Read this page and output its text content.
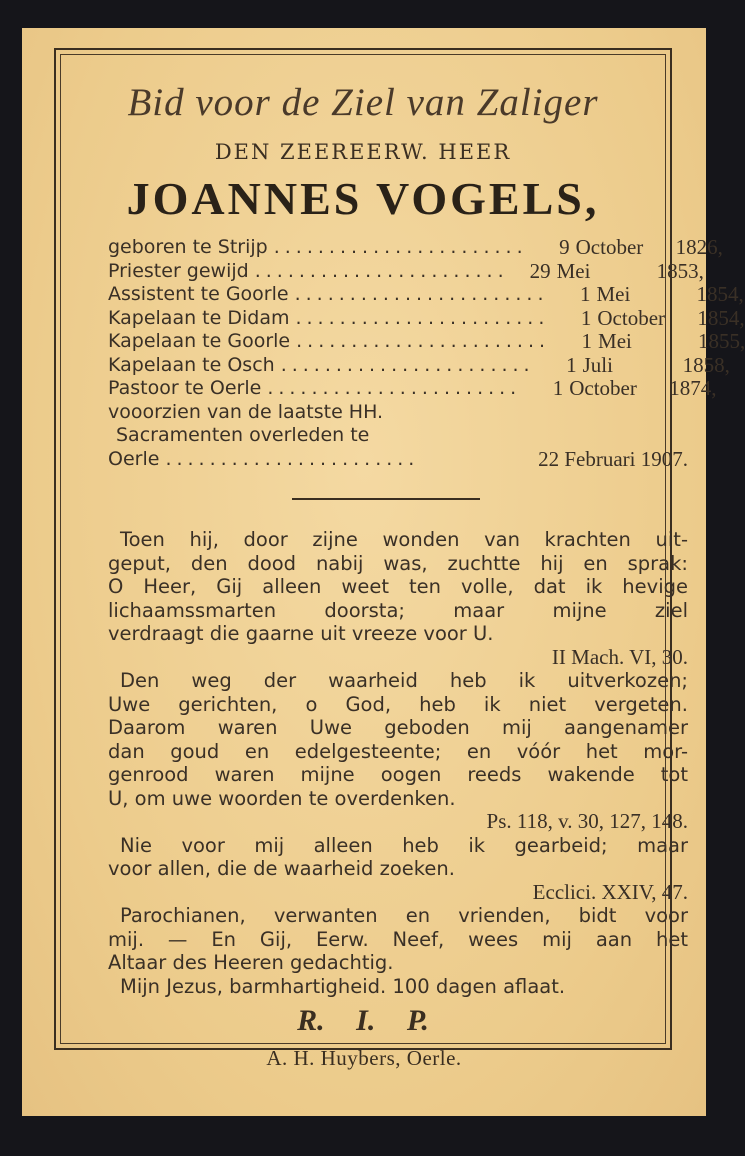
Bid voor de Ziel van Zaliger
DEN ZEEREERW. HEER
JOANNES VOGELS,
geboren te Strijp .......................	9 October	1826,
Priester gewijd .......................	29 Mei	1853,
Assistent te Goorle .......................	1 Mei	1854,
Kapelaan te Didam .......................	1 October	1854,
Kapelaan te Goorle .......................	1 Mei	1855,
Kapelaan te Osch .......................	1 Juli	1858,
Pastoor te Oerle .......................	1 October	1874,
vooorzien van de laatste HH.
Sacramenten overleden te
Oerle .......................	22 Februari 1907.
Toen hij, door zijne wonden van krachten uit-
geput, den dood nabij was, zuchtte hij en sprak:
O Heer, Gij alleen weet ten volle, dat ik hevige
lichaamssmarten doorsta; maar mijne ziel
verdraagt die gaarne uit vreeze voor U.
II Mach. VI, 30.
Den weg der waarheid heb ik uitverkozen;
Uwe gerichten, o God, heb ik niet vergeten.
Daarom waren Uwe geboden mij aangenamer
dan goud en edelgesteente; en vóór het mor-
genrood waren mijne oogen reeds wakende tot
U, om uwe woorden te overdenken.
Ps. 118, v. 30, 127, 148.
Nie voor mij alleen heb ik gearbeid; maar
voor allen, die de waarheid zoeken.
Ecclici. XXIV, 47.
Parochianen, verwanten en vrienden, bidt voor
mij. — En Gij, Eerw. Neef, wees mij aan het
Altaar des Heeren gedachtig.
Mijn Jezus, barmhartigheid. 100 dagen aflaat.
R. I. P.
A. H. Huybers, Oerle.
